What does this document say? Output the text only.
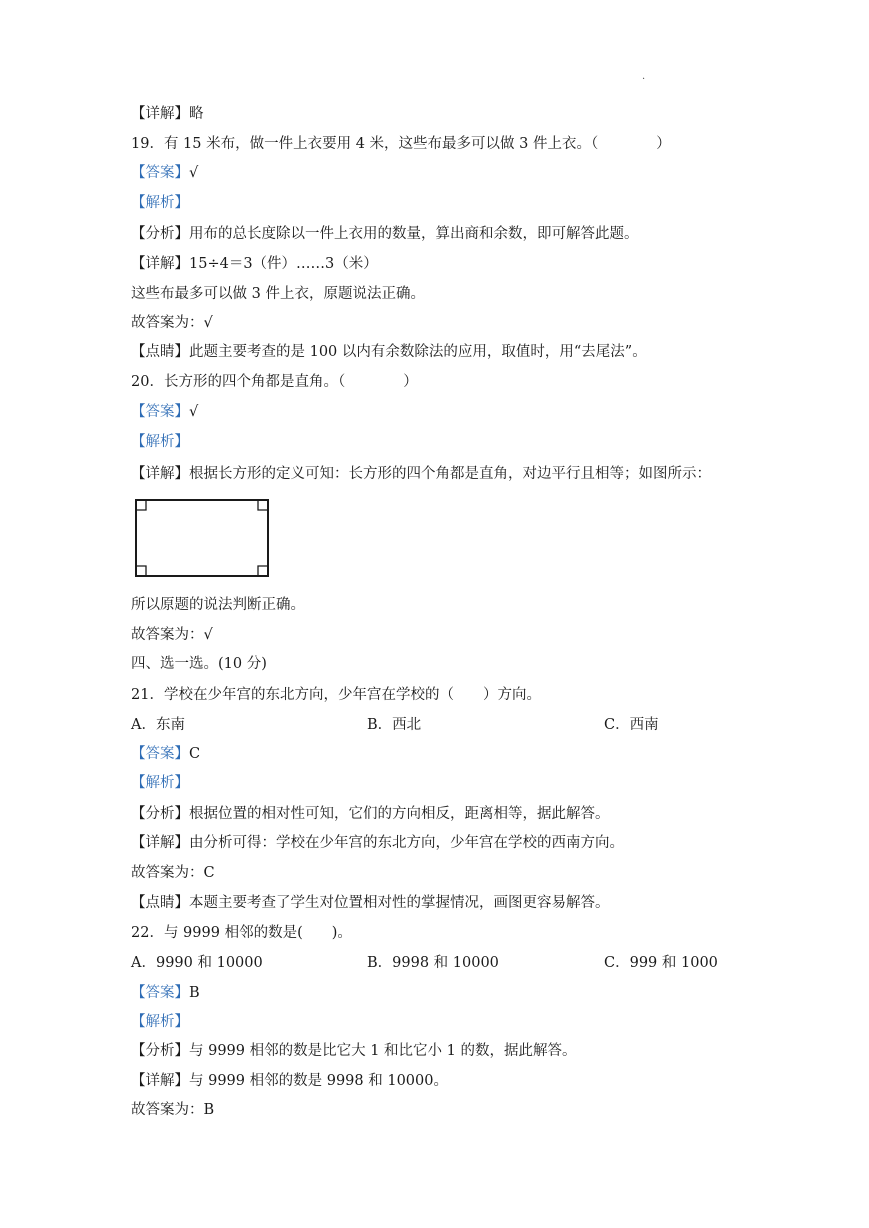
·
【详解】略
19．有 15 米布，做一件上衣要用 4 米，这些布最多可以做 3 件上衣。（　　　　）
【答案】√
【解析】
【分析】用布的总长度除以一件上衣用的数量，算出商和余数，即可解答此题。
【详解】15÷4＝3（件）……3（米）
这些布最多可以做 3 件上衣，原题说法正确。
故答案为：√
【点睛】此题主要考查的是 100 以内有余数除法的应用，取值时，用“去尾法”。
20．长方形的四个角都是直角。（　　　　）
【答案】√
【解析】
【详解】根据长方形的定义可知：长方形的四个角都是直角，对边平行且相等；如图所示：
所以原题的说法判断正确。
故答案为：√
四、选一选。(10 分)
21．学校在少年宫的东北方向，少年宫在学校的（　　）方向。
A．东南	B．西北	C．西南
【答案】C
【解析】
【分析】根据位置的相对性可知，它们的方向相反，距离相等，据此解答。
【详解】由分析可得：学校在少年宫的东北方向，少年宫在学校的西南方向。
故答案为：C
【点睛】本题主要考查了学生对位置相对性的掌握情况，画图更容易解答。
22．与 9999 相邻的数是(　　)。
A．9990 和 10000	B．9998 和 10000	C．999 和 1000
【答案】B
【解析】
【分析】与 9999 相邻的数是比它大 1 和比它小 1 的数，据此解答。
【详解】与 9999 相邻的数是 9998 和 10000。
故答案为：B
